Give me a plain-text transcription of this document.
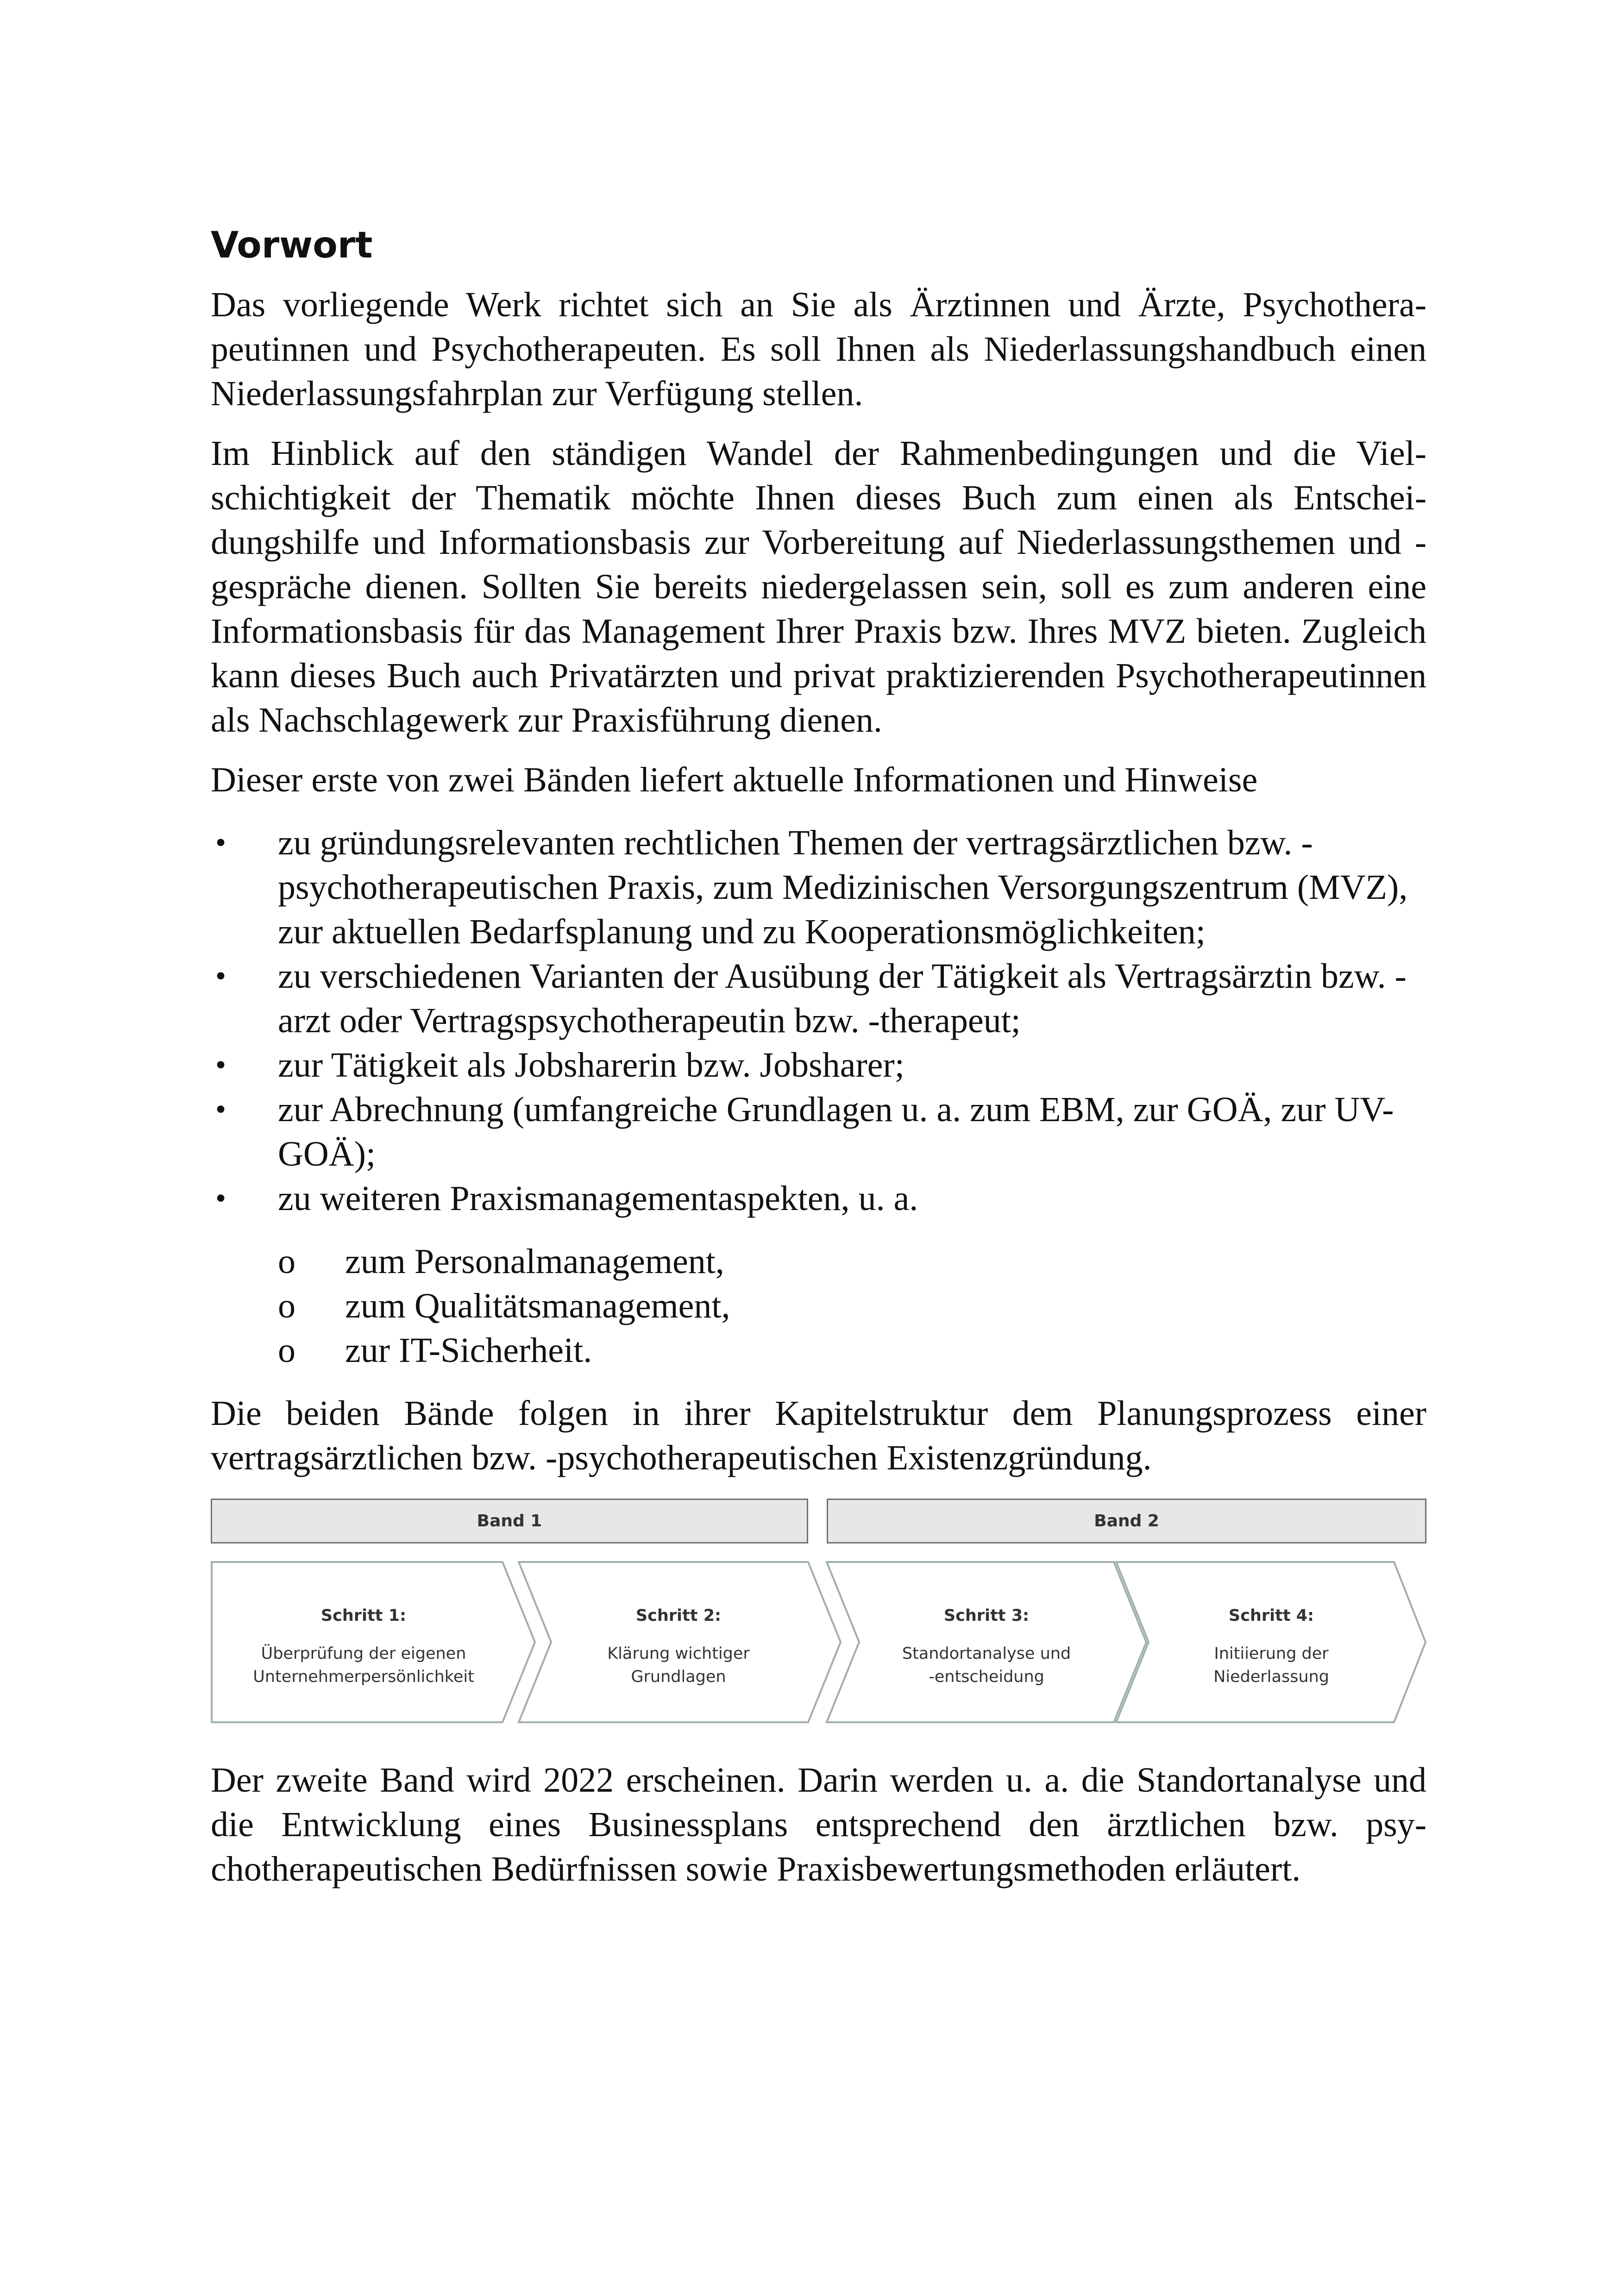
Vorwort

Das vorliegende Werk richtet sich an Sie als Ärztinnen und Ärzte, Psychotherapeutinnen und Psychotherapeuten. Es soll Ihnen als Niederlassungshandbuch einen Niederlassungsfahrplan zur Verfügung stellen.

Im Hinblick auf den ständigen Wandel der Rahmenbedingungen und die Vielschichtigkeit der Thematik möchte Ihnen dieses Buch zum einen als Entscheidungshilfe und Informationsbasis zur Vorbereitung auf Niederlassungsthemen und -gespräche dienen. Sollten Sie bereits niedergelassen sein, soll es zum anderen eine Informationsbasis für das Management Ihrer Praxis bzw. Ihres MVZ bieten. Zugleich kann dieses Buch auch Privatärzten und privat praktizierenden Psychotherapeutinnen als Nachschlagewerk zur Praxisführung dienen.

Dieser erste von zwei Bänden liefert aktuelle Informationen und Hinweise

• zu gründungsrelevanten rechtlichen Themen der vertragsärztlichen bzw. -psychotherapeutischen Praxis, zum Medizinischen Versorgungszentrum (MVZ), zur aktuellen Bedarfsplanung und zu Kooperationsmöglichkeiten;
• zu verschiedenen Varianten der Ausübung der Tätigkeit als Vertragsärztin bzw. -arzt oder Vertragspsychotherapeutin bzw. -therapeut;
• zur Tätigkeit als Jobsharerin bzw. Jobsharer;
• zur Abrechnung (umfangreiche Grundlagen u. a. zum EBM, zur GOÄ, zur UV-GOÄ);
• zu weiteren Praxismanagementaspekten, u. a.
o zum Personalmanagement,
o zum Qualitätsmanagement,
o zur IT-Sicherheit.

Die beiden Bände folgen in ihrer Kapitelstruktur dem Planungsprozess einer vertragsärztlichen bzw. -psychotherapeutischen Existenzgründung.

Band 1	Band 2
Schritt 1:
Überprüfung der eigenen
Unternehmerpersönlichkeit
Schritt 2:
Klärung wichtiger
Grundlagen
Schritt 3:
Standortanalyse und
-entscheidung
Schritt 4:
Initiierung der
Niederlassung

Der zweite Band wird 2022 erscheinen. Darin werden u. a. die Standortanalyse und die Entwicklung eines Businessplans entsprechend den ärztlichen bzw. psychotherapeutischen Bedürfnissen sowie Praxisbewertungsmethoden erläutert.
